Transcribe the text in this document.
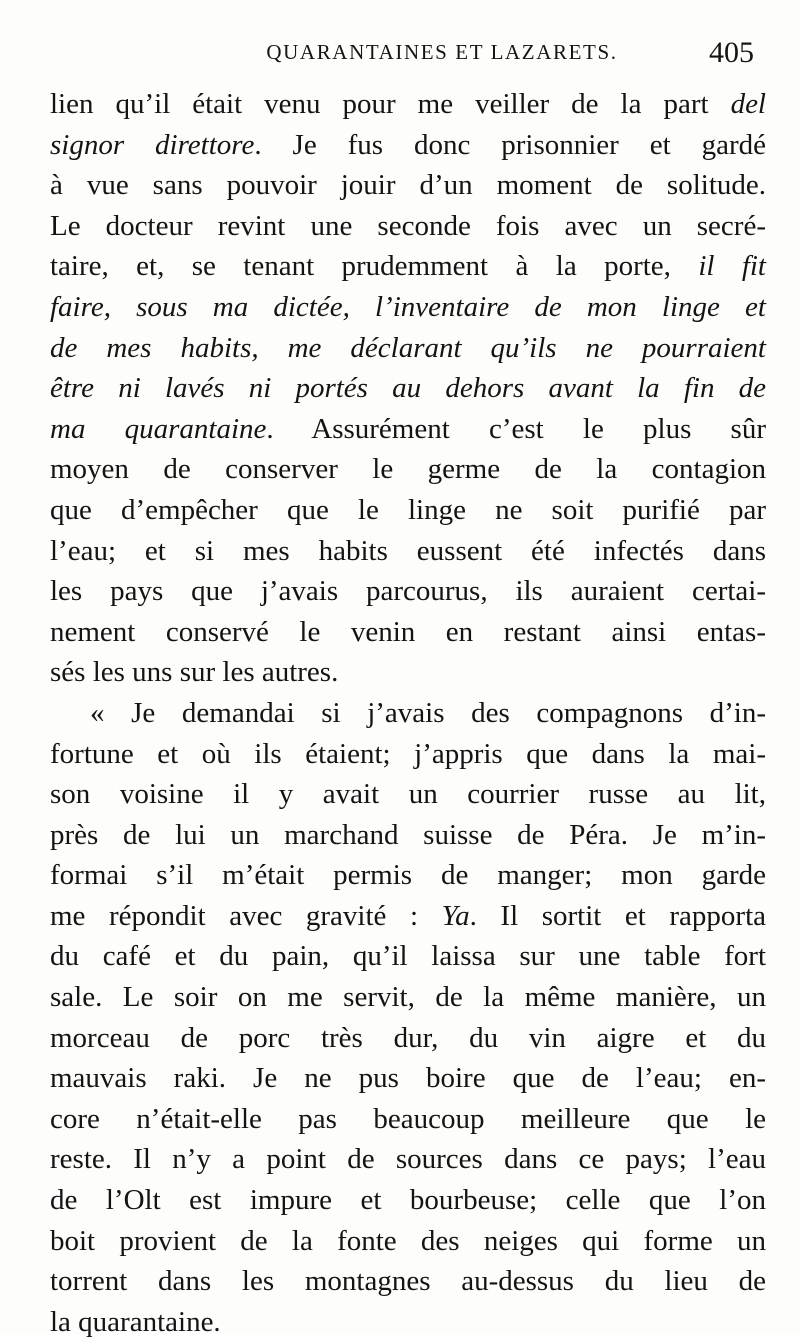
QUARANTAINES ET LAZARETS.	405
lien qu’il était venu pour me veiller de la part del
signor direttore. Je fus donc prisonnier et gardé
à vue sans pouvoir jouir d’un moment de solitude.
Le docteur revint une seconde fois avec un secré-
taire, et, se tenant prudemment à la porte, il fit
faire, sous ma dictée, l’inventaire de mon linge et
de mes habits, me déclarant qu’ils ne pourraient
être ni lavés ni portés au dehors avant la fin de
ma quarantaine. Assurément c’est le plus sûr
moyen de conserver le germe de la contagion
que d’empêcher que le linge ne soit purifié par
l’eau; et si mes habits eussent été infectés dans
les pays que j’avais parcourus, ils auraient certai-
nement conservé le venin en restant ainsi entas-
sés les uns sur les autres.
« Je demandai si j’avais des compagnons d’in-
fortune et où ils étaient; j’appris que dans la mai-
son voisine il y avait un courrier russe au lit,
près de lui un marchand suisse de Péra. Je m’in-
formai s’il m’était permis de manger; mon garde
me répondit avec gravité : Ya. Il sortit et rapporta
du café et du pain, qu’il laissa sur une table fort
sale. Le soir on me servit, de la même manière, un
morceau de porc très dur, du vin aigre et du
mauvais raki. Je ne pus boire que de l’eau; en-
core n’était-elle pas beaucoup meilleure que le
reste. Il n’y a point de sources dans ce pays; l’eau
de l’Olt est impure et bourbeuse; celle que l’on
boit provient de la fonte des neiges qui forme un
torrent dans les montagnes au-dessus du lieu de
la quarantaine.
